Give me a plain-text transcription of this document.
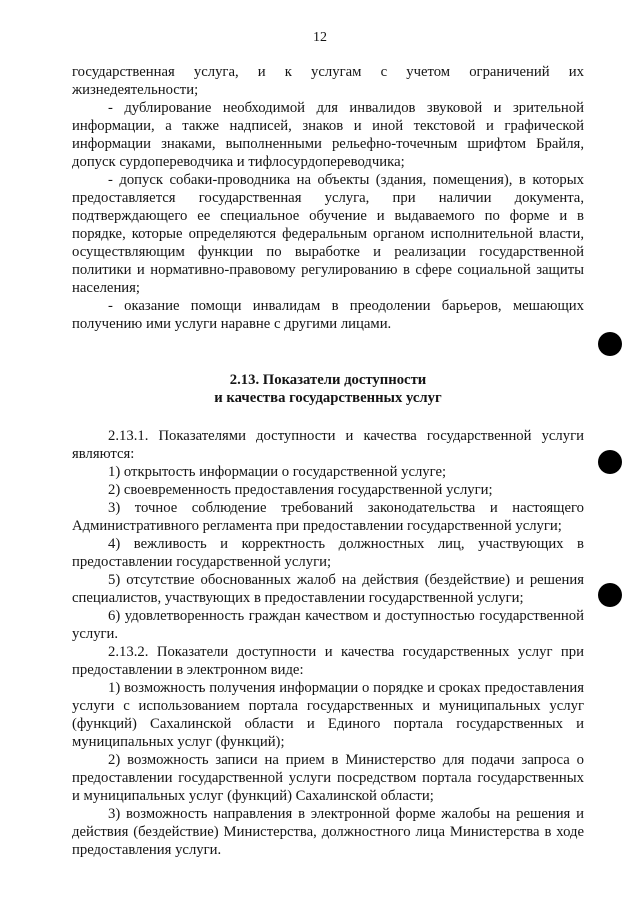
12

государственная услуга, и к услугам с учетом ограничений их жизнедеятельности;

- дублирование необходимой для инвалидов звуковой и зрительной информации, а также надписей, знаков и иной текстовой и графической информации знаками, выполненными рельефно-точечным шрифтом Брайля, допуск сурдопереводчика и тифлосурдопереводчика;

- допуск собаки-проводника на объекты (здания, помещения), в которых предоставляется государственная услуга, при наличии документа, подтверждающего ее специальное обучение и выдаваемого по форме и в порядке, которые определяются федеральным органом исполнительной власти, осуществляющим функции по выработке и реализации государственной политики и нормативно-правовому регулированию в сфере социальной защиты населения;

- оказание помощи инвалидам в преодолении барьеров, мешающих получению ими услуги наравне с другими лицами.

2.13. Показатели доступности
и качества государственных услуг

2.13.1. Показателями доступности и качества государственной услуги являются:

1) открытость информации о государственной услуге;

2) своевременность предоставления государственной услуги;

3) точное соблюдение требований законодательства и настоящего Административного регламента при предоставлении государственной услуги;

4) вежливость и корректность должностных лиц, участвующих в предоставлении государственной услуги;

5) отсутствие обоснованных жалоб на действия (бездействие) и решения специалистов, участвующих в предоставлении государственной услуги;

6) удовлетворенность граждан качеством и доступностью государственной услуги.

2.13.2. Показатели доступности и качества государственных услуг при предоставлении в электронном виде:

1) возможность получения информации о порядке и сроках предоставления услуги с использованием портала государственных и муниципальных услуг (функций) Сахалинской области и Единого портала государственных и муниципальных услуг (функций);

2) возможность записи на прием в Министерство для подачи запроса о предоставлении государственной услуги посредством портала государственных и муниципальных услуг (функций) Сахалинской области;

3) возможность направления в электронной форме жалобы на решения и действия (бездействие) Министерства, должностного лица Министерства в ходе предоставления услуги.
